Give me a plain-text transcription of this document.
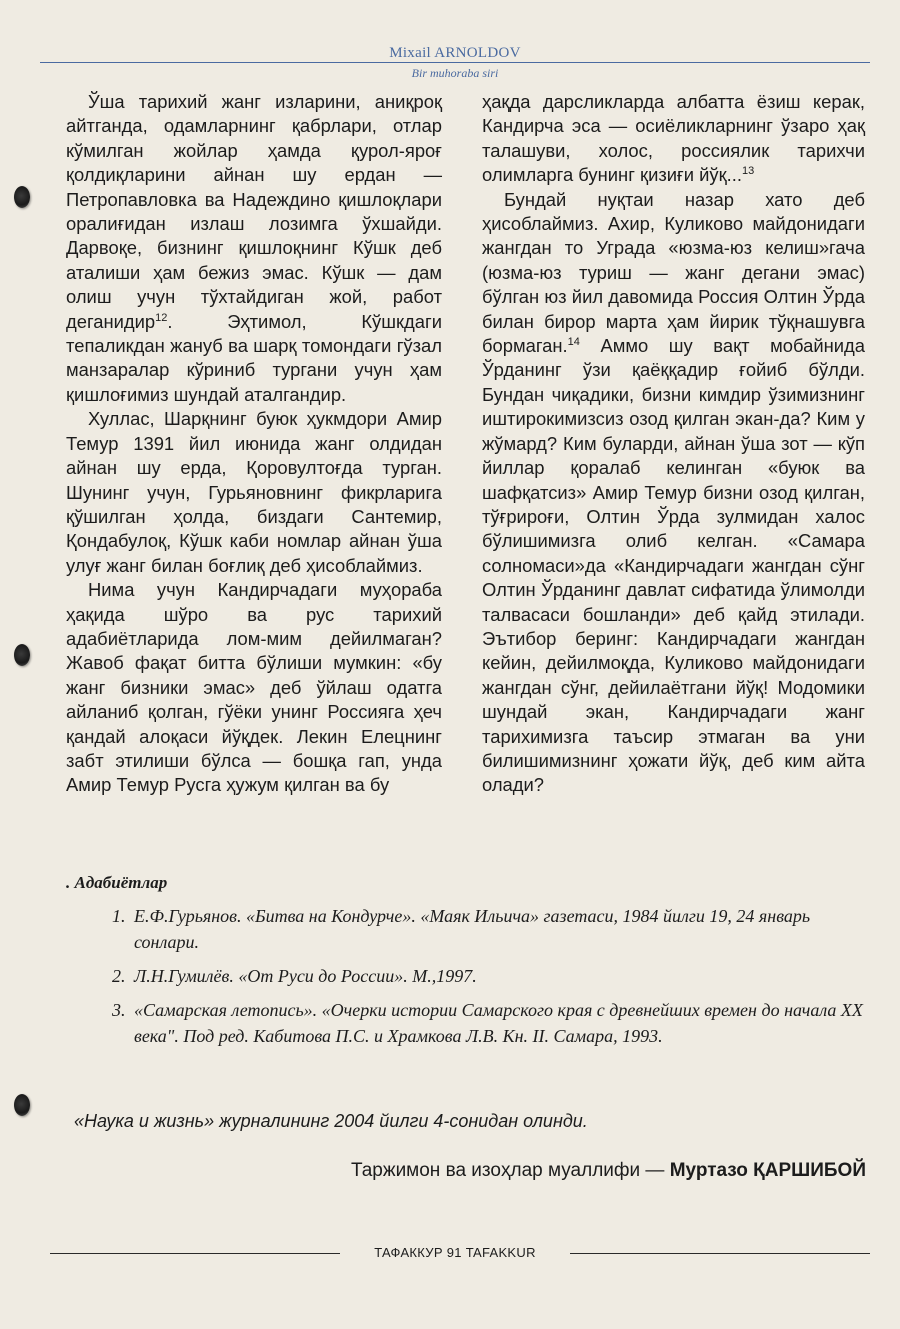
Mixail ARNOLDOV
Bir muhoraba siri

Ўша тарихий жанг изларини, аниқроқ айтганда, одамларнинг қабрлари, отлар кўмилган жойлар ҳамда қурол-яроғ қолдиқларини айнан шу ердан — Петропавловка ва Надеждино қишлоқлари оралиғидан излаш лозимга ўхшайди. Дарвоқе, бизнинг қишлоқнинг Кўшк деб аталиши ҳам бежиз эмас. Кўшк — дам олиш учун тўхтайдиган жой, работ деганидир$^{12}$. Эҳтимол, Кўшкдаги тепаликдан жануб ва шарқ томондаги гўзал манзаралар кўриниб тургани учун ҳам қишлоғимиз шундай аталгандир.

Хуллас, Шарқнинг буюк ҳукмдори Амир Темур 1391 йил июнида жанг олдидан айнан шу ерда, Қоровултоғда турган. Шунинг учун, Гурьяновнинг фикрларига қўшилган ҳолда, биздаги Сантемир, Қондабулоқ, Кўшк каби номлар айнан ўша улуғ жанг билан боғлиқ деб ҳисоблаймиз.

Нима учун Кандирчадаги муҳораба ҳақида шўро ва рус тарихий адабиётларида лом-мим дейилмаган? Жавоб фақат битта бўлиши мумкин: «бу жанг бизники эмас» деб ўйлаш одатга айланиб қолган, гўёки унинг Россияга ҳеч қандай алоқаси йўқдек. Лекин Елецнинг забт этилиши бўлса — бошқа гап, унда Амир Темур Русга ҳужум қилган ва бу

ҳақда дарсликларда албатта ёзиш керак, Кандирча эса — осиёликларнинг ўзаро ҳақ талашуви, холос, россиялик тарихчи олимларга бунинг қизиғи йўқ...$^{13}$

Бундай нуқтаи назар хато деб ҳисоблаймиз. Ахир, Куликово майдонидаги жангдан то Уграда «юзма-юз келиш»гача (юзма-юз туриш — жанг дегани эмас) бўлган юз йил давомида Россия Олтин Ўрда билан бирор марта ҳам йирик тўқнашувга бормаган.$^{14}$ Аммо шу вақт мобайнида Ўрданинг ўзи қаёққадир ғойиб бўлди. Бундан чиқадики, бизни кимдир ўзимизнинг иштирокимизсиз озод қилган экан-да? Ким у жўмард? Ким буларди, айнан ўша зот — кўп йиллар қоралаб келинган «буюк ва шафқатсиз» Амир Темур бизни озод қилган, тўғрироғи, Олтин Ўрда зулмидан халос бўлишимизга олиб келган. «Самара солномаси»да «Кандирчадаги жангдан сўнг Олтин Ўрданинг давлат сифатида ўлимолди талвасаси бошланди» деб қайд этилади. Эътибор беринг: Кандирчадаги жангдан кейин, дейилмоқда, Куликово майдонидаги жангдан сўнг, дейилаётгани йўқ! Модомики шундай экан, Кандирчадаги жанг тарихимизга таъсир этмаган ва уни билишимизнинг ҳожати йўқ, деб ким айта олади?

. Адабиётлар
1. Е.Ф.Гурьянов. «Битва на Кондурче». «Маяк Ильича» газетаси, 1984 йилги 19, 24 январь сонлари.
2. Л.Н.Гумилёв. «От Руси до России». М.,1997.
3. «Самарская летопись». «Очерки истории Самарского края с древнейших времен до начала XX века". Под ред. Кабитова П.С. и Храмкова Л.В. Кн. II. Самара, 1993.
«Наука и жизнь» журналининг 2004 йилги 4-сонидан олинди.
Таржимон ва изоҳлар муаллифи — Муртазо ҚАРШИБОЙ
ТАФАККУР 91 TAFAKKUR
